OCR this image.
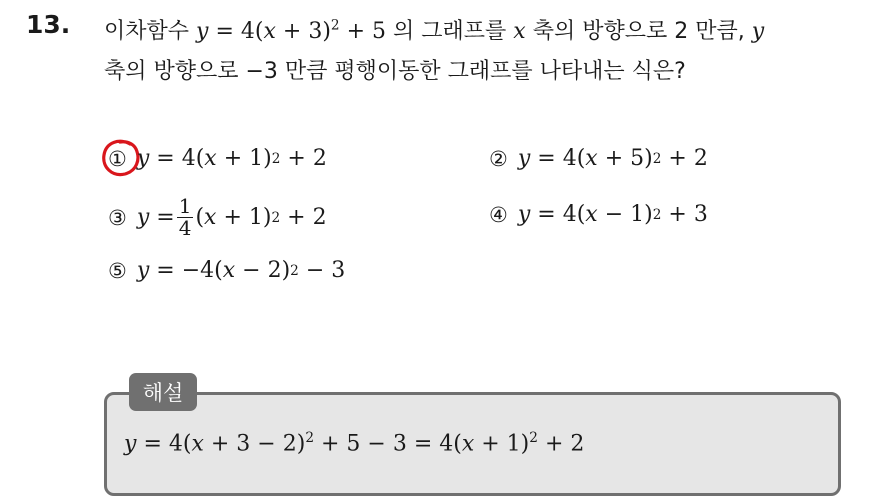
13. 이차함수 $y = 4(x + 3)^2 + 5$ 의 그래프를 x 축의 방향으로 2 만큼, y
축의 방향으로 −3 만큼 평행이동한 그래프를 나타내는 식은?
① y
= 4( x
+ 1) 2
+ 2	② y
= 4( x
+ 5) 2
+ 2
③ y
= $\frac{1}{4}$ ( x
+ 1) 2
+ 2	④ y
= 4( x
− 1) 2
+ 3
⑤ y
= −4( x
− 2) 2
− 3
해설
$y = 4(x + 3 - 2)^2 + 5 - 3 = 4(x + 1)^2 + 2$
